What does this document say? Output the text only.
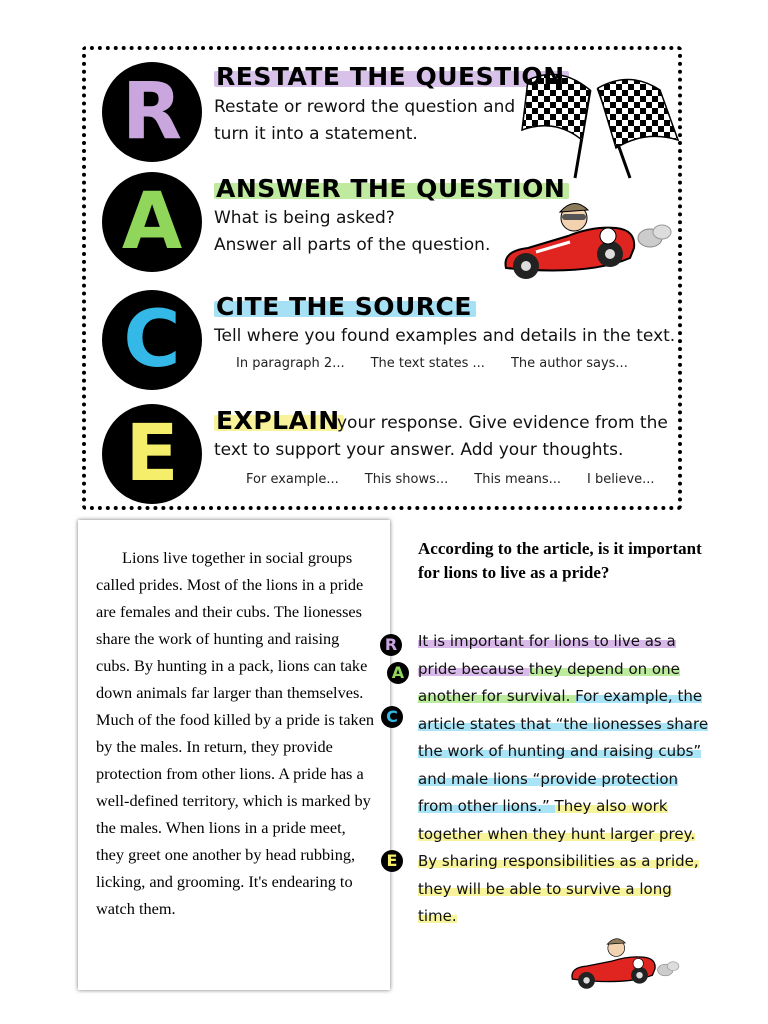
R RESTATE THE QUESTION
Restate or reword the question and
turn it into a statement.
A ANSWER THE QUESTION
What is being asked?
Answer all parts of the question.
C CITE THE SOURCE
Tell where you found examples and details in the text.
In paragraph 2... The text states ... The author says...
E EXPLAIN
your response. Give evidence from the
text to support your answer. Add your thoughts.
For example... This shows... This means... I believe...

Lions live together in social groups called prides. Most of the lions in a pride are females and their cubs. The lionesses share the work of hunting and raising cubs. By hunting in a pack, lions can take down animals far larger than themselves. Much of the food killed by a pride is taken by the males. In return, they provide protection from other lions. A pride has a well-defined territory, which is marked by the males. When lions in a pride meet, they greet one another by head rubbing, licking, and grooming. It's endearing to watch them.

According to the article, is it important for lions to live as a pride?
R
A
C
E
It is important for lions to live as a pride because they depend on one another for survival. For example, the article states that “the lionesses share the work of hunting and raising cubs” and male lions “provide protection from other lions.” They also work together when they hunt larger prey. By sharing responsibilities as a pride, they will be able to survive a long time.
